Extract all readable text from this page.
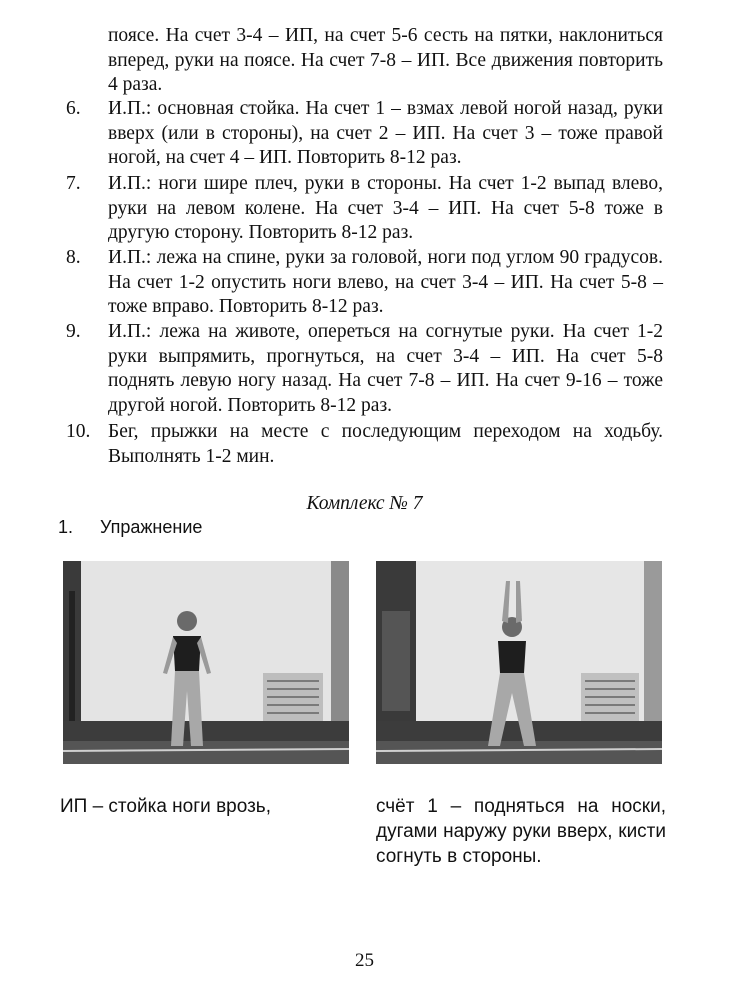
поясе. На счет 3-4 – ИП, на счет 5-6 сесть на пятки, наклониться вперед, руки на поясе. На счет 7-8 – ИП. Все движения повторить 4 раза.
6.	И.П.: основная стойка. На счет 1 – взмах левой ногой назад, руки вверх (или в стороны), на счет 2 – ИП. На счет 3 – тоже правой ногой, на счет 4 – ИП. Повторить 8-12 раз.
7.	И.П.: ноги шире плеч, руки в стороны. На счет 1-2 выпад влево, руки на левом колене. На счет 3-4 – ИП. На счет 5-8 тоже в другую сторону. Повторить 8-12 раз.
8.	И.П.: лежа на спине, руки за головой, ноги под углом 90 градусов. На счет 1-2 опустить ноги влево, на счет 3-4 – ИП. На счет 5-8 – тоже вправо. Повторить 8-12 раз.
9.	И.П.: лежа на животе, опереться на согнутые руки. На счет 1-2 руки выпрямить, прогнуться, на счет 3-4 – ИП. На счет 5-8 поднять левую ногу назад. На счет 7-8 – ИП. На счет 9-16 – тоже другой ногой. Повторить 8-12 раз.
10. Бег, прыжки на месте с последующим переходом на ходьбу. Выполнять 1-2 мин.
Комплекс № 7
1. Упражнение
ИП – стойка ноги врозь,	счёт 1 – подняться на носки, дугами наружу руки вверх, кисти согнуть в стороны.
25
